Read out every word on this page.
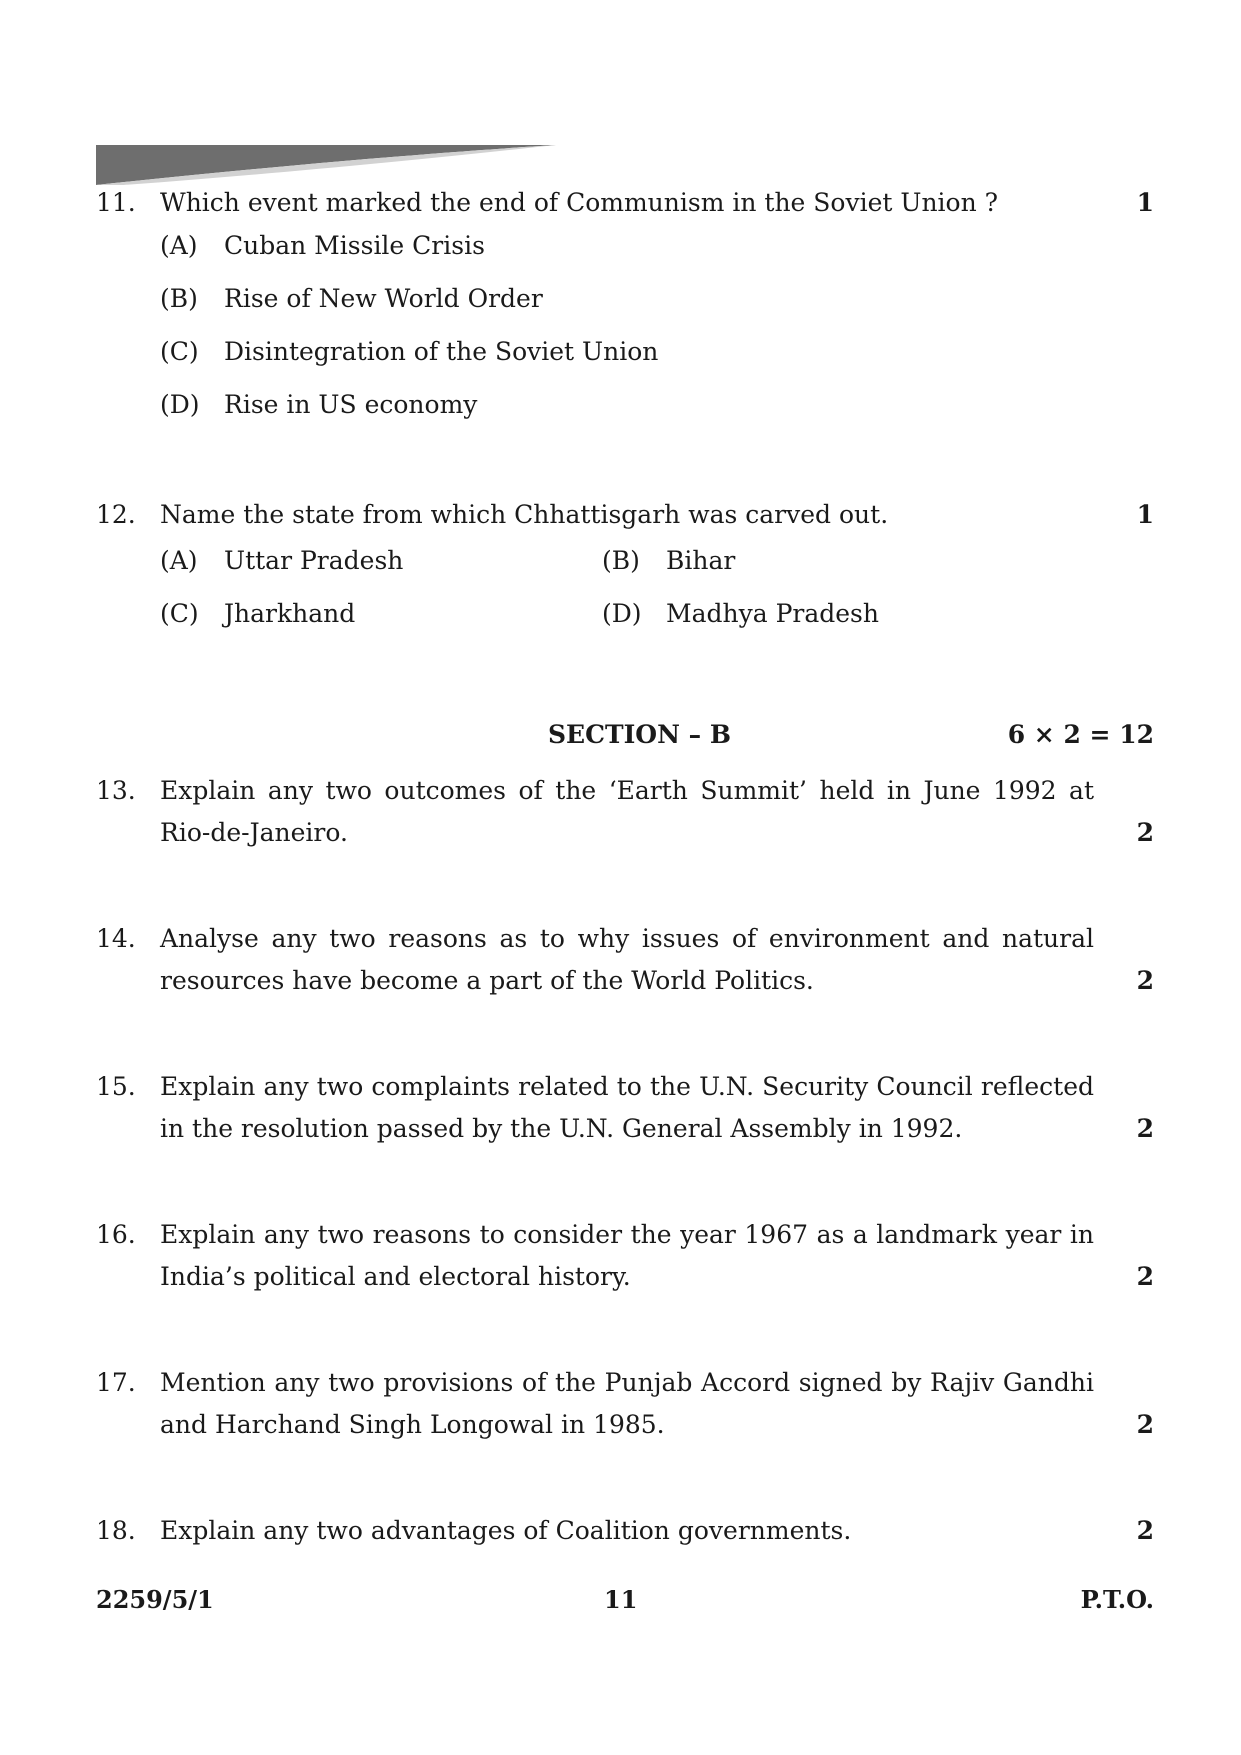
11. Which event marked the end of Communism in the Soviet Union ?	1
(A) Cuban Missile Crisis
(B) Rise of New World Order
(C) Disintegration of the Soviet Union
(D) Rise in US economy
12. Name the state from which Chhattisgarh was carved out.	1
(A) Uttar Pradesh	(B) Bihar
(C) Jharkhand	(D) Madhya Pradesh
SECTION – B	6 × 2 = 12
13. Explain any two outcomes of the ‘Earth Summit’ held in June 1992 at Rio-de-Janeiro.	2
14. Analyse any two reasons as to why issues of environment and natural resources have become a part of the World Politics.	2
15. Explain any two complaints related to the U.N. Security Council reflected in the resolution passed by the U.N. General Assembly in 1992.	2
16. Explain any two reasons to consider the year 1967 as a landmark year in India’s political and electoral history.	2
17. Mention any two provisions of the Punjab Accord signed by Rajiv Gandhi and Harchand Singh Longowal in 1985.	2
18. Explain any two advantages of Coalition governments.	2
2259/5/1	11	P.T.O.
